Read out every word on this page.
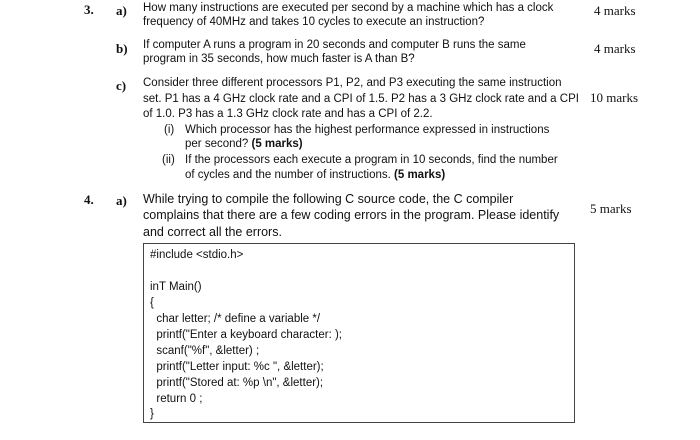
3. a) How many instructions are executed per second by a machine which has a clock
frequency of 40MHz and takes 10 cycles to execute an instruction?
4 marks
b) If computer A runs a program in 20 seconds and computer B runs the same
program in 35 seconds, how much faster is A than B?
4 marks
c) Consider three different processors P1, P2, and P3 executing the same instruction
set. P1 has a 4 GHz clock rate and a CPI of 1.5. P2 has a 3 GHz clock rate and a CPI
of 1.0. P3 has a 1.3 GHz clock rate and has a CPI of 2.2.
10 marks
(i) Which processor has the highest performance expressed in instructions
per second? (5 marks)
(ii) If the processors each execute a program in 10 seconds, find the number
of cycles and the number of instructions. (5 marks)
4. a) While trying to compile the following C source code, the C compiler
complains that there are a few coding errors in the program. Please identify
and correct all the errors.
5 marks
#include <stdio.h>
inT Main()
{
char letter; /* define a variable */
printf("Enter a keyboard character: );
scanf("%f", &letter) ;
printf("Letter input: %c ", &letter);
printf("Stored at: %p \n", &letter);
return 0 ;
}
